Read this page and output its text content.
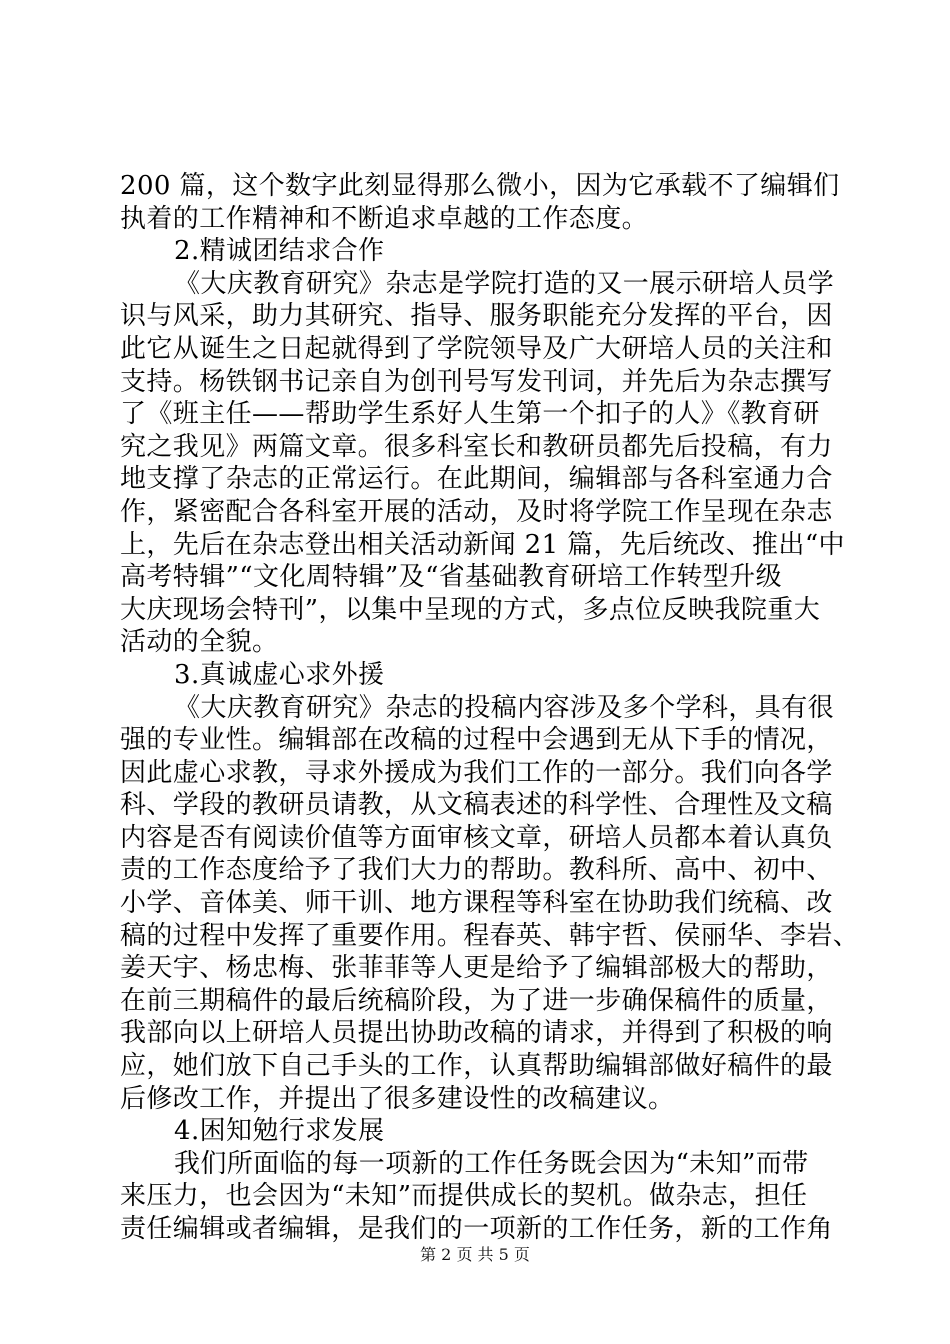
200 篇，这个数字此刻显得那么微小，因为它承载不了编辑们
执着的工作精神和不断追求卓越的工作态度。
2.精诚团结求合作
《大庆教育研究》杂志是学院打造的又一展示研培人员学
识与风采，助力其研究、指导、服务职能充分发挥的平台，因
此它从诞生之日起就得到了学院领导及广大研培人员的关注和
支持。杨铁钢书记亲自为创刊号写发刊词，并先后为杂志撰写
了《班主任——帮助学生系好人生第一个扣子的人》《教育研
究之我见》两篇文章。很多科室长和教研员都先后投稿，有力
地支撑了杂志的正常运行。在此期间，编辑部与各科室通力合
作，紧密配合各科室开展的活动，及时将学院工作呈现在杂志
上，先后在杂志登出相关活动新闻 21 篇，先后统改、推出“中
高考特辑”“文化周特辑”及“省基础教育研培工作转型升级
大庆现场会特刊”，以集中呈现的方式，多点位反映我院重大
活动的全貌。
3.真诚虚心求外援
《大庆教育研究》杂志的投稿内容涉及多个学科，具有很
强的专业性。编辑部在改稿的过程中会遇到无从下手的情况，
因此虚心求教，寻求外援成为我们工作的一部分。我们向各学
科、学段的教研员请教，从文稿表述的科学性、合理性及文稿
内容是否有阅读价值等方面审核文章，研培人员都本着认真负
责的工作态度给予了我们大力的帮助。教科所、高中、初中、
小学、音体美、师干训、地方课程等科室在协助我们统稿、改
稿的过程中发挥了重要作用。程春英、韩宇哲、侯丽华、李岩、
姜天宇、杨忠梅、张菲菲等人更是给予了编辑部极大的帮助，
在前三期稿件的最后统稿阶段，为了进一步确保稿件的质量，
我部向以上研培人员提出协助改稿的请求，并得到了积极的响
应，她们放下自己手头的工作，认真帮助编辑部做好稿件的最
后修改工作，并提出了很多建设性的改稿建议。
4.困知勉行求发展
我们所面临的每一项新的工作任务既会因为“未知”而带
来压力，也会因为“未知”而提供成长的契机。做杂志，担任
责任编辑或者编辑，是我们的一项新的工作任务，新的工作角
第 2 页 共 5 页
